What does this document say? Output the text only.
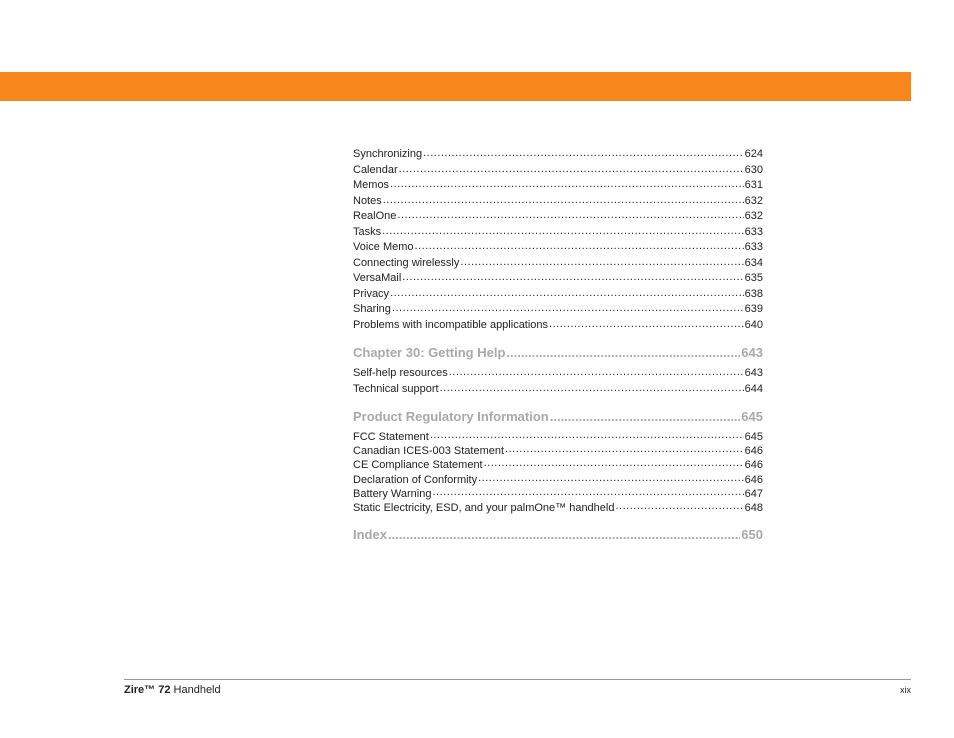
Synchronizing .....	624
Calendar .....	630
Memos .....	631
Notes .....	632
RealOne .....	632
Tasks .....	633
Voice Memo .....	633
Connecting wirelessly .....	634
VersaMail .....	635
Privacy .....	638
Sharing .....	639
Problems with incompatible applications .....	640
Chapter 30: Getting Help .....	643
Self-help resources .....	643
Technical support .....	644
Product Regulatory Information .....	645
FCC Statement .....	645
Canadian ICES-003 Statement .....	646
CE Compliance Statement .....	646
Declaration of Conformity .....	646
Battery Warning .....	647
Static Electricity, ESD, and your palmOne™ handheld .....	648
Index .....	650
Zire™ 72 Handheld	xix
